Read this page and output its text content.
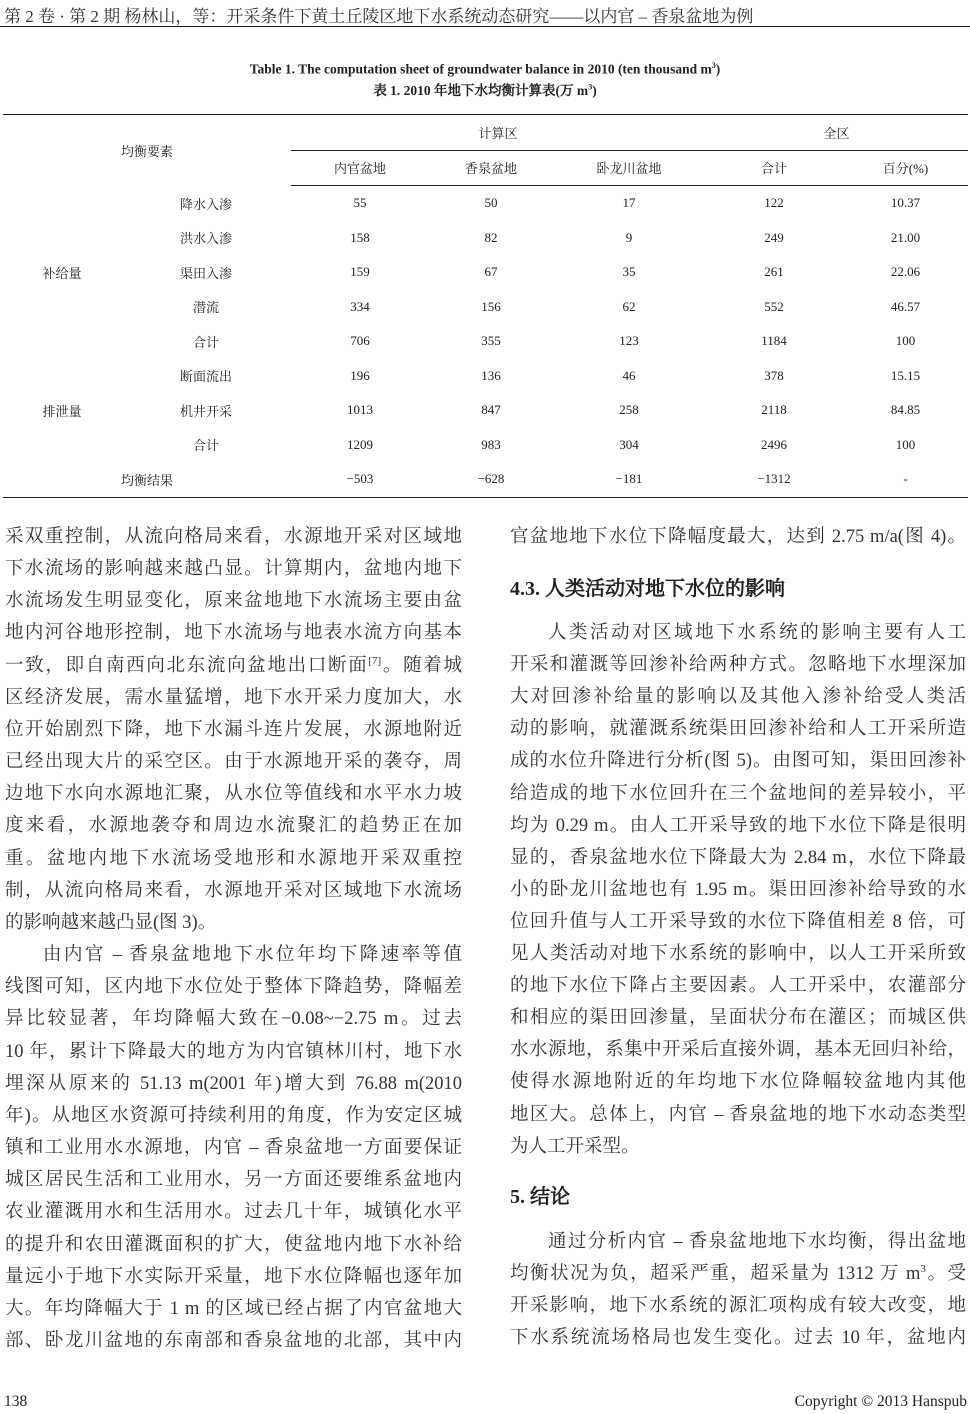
第 2 卷 · 第 2 期 杨林山，等：开采条件下黄土丘陵区地下水系统动态研究——以内官 – 香泉盆地为例
Table 1. The computation sheet of groundwater balance in 2010 (ten thousand $m^3$)
表 1. 2010 年地下水均衡计算表(万 $m^3$)
均衡要素		计算区			全区	
		内官盆地	香泉盆地	卧龙川盆地	合计	百分(%)
补给量	降水入渗	55	50	17	122	10.37
	洪水入渗	158	82	9	249	21.00
	渠田入渗	159	67	35	261	22.06
	潜流	334	156	62	552	46.57
	合计	706	355	123	1184	100
排泄量	断面流出	196	136	46	378	15.15
	机井开采	1013	847	258	2118	84.85
	合计	1209	983	304	2496	100
均衡结果		−503	−628	−181	−1312	-
采双重控制，从流向格局来看，水源地开采对区域地
下水流场的影响越来越凸显。计算期内，盆地内地下
水流场发生明显变化，原来盆地地下水流场主要由盆
地内河谷地形控制，地下水流场与地表水流方向基本
一致，即自南西向北东流向盆地出口断面[7]。随着城
区经济发展，需水量猛增，地下水开采力度加大，水
位开始剧烈下降，地下水漏斗连片发展，水源地附近
已经出现大片的采空区。由于水源地开采的袭夺，周
边地下水向水源地汇聚，从水位等值线和水平水力坡
度来看，水源地袭夺和周边水流聚汇的趋势正在加
重。盆地内地下水流场受地形和水源地开采双重控
制，从流向格局来看，水源地开采对区域地下水流场
的影响越来越凸显(图 3)。
由内官 – 香泉盆地地下水位年均下降速率等值
线图可知，区内地下水位处于整体下降趋势，降幅差
异比较显著，年均降幅大致在−0.08~−2.75 m。过去
10 年，累计下降最大的地方为内官镇林川村，地下水
埋深从原来的 51.13 m(2001 年)增大到 76.88 m(2010
年)。从地区水资源可持续利用的角度，作为安定区城
镇和工业用水水源地，内官 – 香泉盆地一方面要保证
城区居民生活和工业用水，另一方面还要维系盆地内
农业灌溉用水和生活用水。过去几十年，城镇化水平
的提升和农田灌溉面积的扩大，使盆地内地下水补给
量远小于地下水实际开采量，地下水位降幅也逐年加
大。年均降幅大于 1 m 的区域已经占据了内官盆地大
部、卧龙川盆地的东南部和香泉盆地的北部，其中内
官盆地地下水位下降幅度最大，达到 2.75 m/a(图 4)。
4.3. 人类活动对地下水位的影响
人类活动对区域地下水系统的影响主要有人工
开采和灌溉等回渗补给两种方式。忽略地下水埋深加
大对回渗补给量的影响以及其他入渗补给受人类活
动的影响，就灌溉系统渠田回渗补给和人工开采所造
成的水位升降进行分析(图 5)。由图可知，渠田回渗补
给造成的地下水位回升在三个盆地间的差异较小，平
均为 0.29 m。由人工开采导致的地下水位下降是很明
显的，香泉盆地水位下降最大为 2.84 m，水位下降最
小的卧龙川盆地也有 1.95 m。渠田回渗补给导致的水
位回升值与人工开采导致的水位下降值相差 8 倍，可
见人类活动对地下水系统的影响中，以人工开采所致
的地下水位下降占主要因素。人工开采中，农灌部分
和相应的渠田回渗量，呈面状分布在灌区；而城区供
水水源地，系集中开采后直接外调，基本无回归补给，
使得水源地附近的年均地下水位降幅较盆地内其他
地区大。总体上，内官 – 香泉盆地的地下水动态类型
为人工开采型。
5. 结论
通过分析内官 – 香泉盆地地下水均衡，得出盆地
均衡状况为负，超采严重，超采量为 1312 万 $m^3$。受
开采影响，地下水系统的源汇项构成有较大改变，地
下水系统流场格局也发生变化。过去 10 年，盆地内
138	Copyright © 2013 Hanspub
